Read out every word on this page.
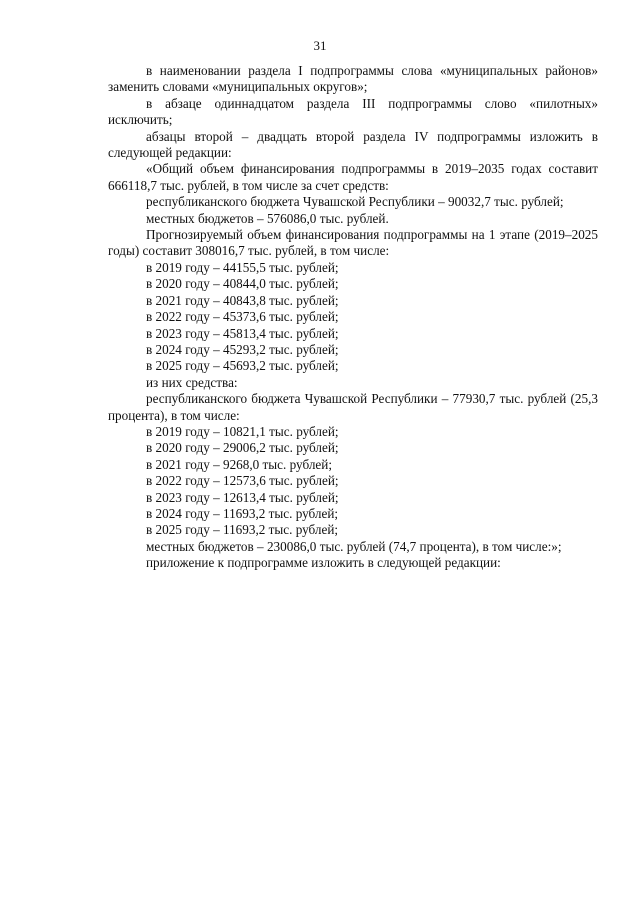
31

в наименовании раздела I подпрограммы слова «муниципальных районов» заменить словами «муниципальных округов»;

в абзаце одиннадцатом раздела III подпрограммы слово «пилотных» исключить;

абзацы второй – двадцать второй раздела IV подпрограммы изложить в следующей редакции:

«Общий объем финансирования подпрограммы в 2019–2035 годах составит 666118,7 тыс. рублей, в том числе за счет средств:

республиканского бюджета Чувашской Республики – 90032,7 тыс. рублей;

местных бюджетов – 576086,0 тыс. рублей.

Прогнозируемый объем финансирования подпрограммы на 1 этапе (2019–2025 годы) составит 308016,7 тыс. рублей, в том числе:

в 2019 году – 44155,5 тыс. рублей;

в 2020 году – 40844,0 тыс. рублей;

в 2021 году – 40843,8 тыс. рублей;

в 2022 году – 45373,6 тыс. рублей;

в 2023 году – 45813,4 тыс. рублей;

в 2024 году – 45293,2 тыс. рублей;

в 2025 году – 45693,2 тыс. рублей;

из них средства:

республиканского бюджета Чувашской Республики – 77930,7 тыс. рублей (25,3 процента), в том числе:

в 2019 году – 10821,1 тыс. рублей;

в 2020 году – 29006,2 тыс. рублей;

в 2021 году – 9268,0 тыс. рублей;

в 2022 году – 12573,6 тыс. рублей;

в 2023 году – 12613,4 тыс. рублей;

в 2024 году – 11693,2 тыс. рублей;

в 2025 году – 11693,2 тыс. рублей;

местных бюджетов – 230086,0 тыс. рублей (74,7 процента), в том числе:»;

приложение к подпрограмме изложить в следующей редакции:
